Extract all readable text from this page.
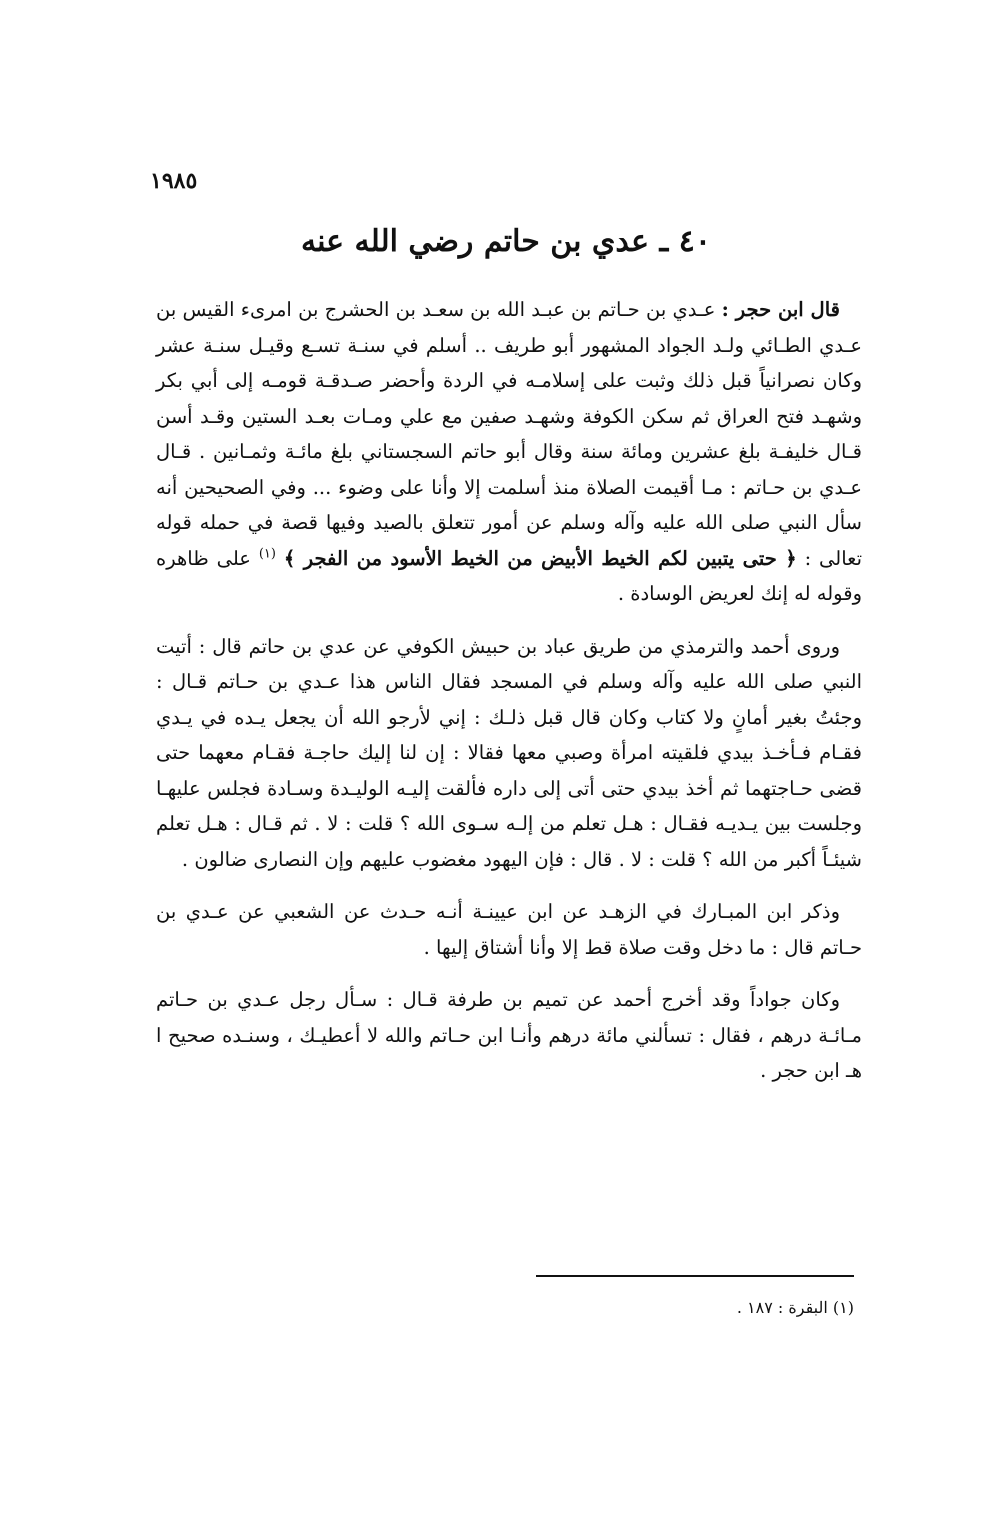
١٩٨٥
٤٠ ـ عدي بن حاتم رضي الله عنه

قال ابن حجر : عـدي بن حـاتم بن عبـد الله بن سعـد بن الحشرج بن امرىء القيس بن عـدي الطـائي ولـد الجواد المشهور أبو طريف .. أسلم في سنـة تسـع وقيـل سنـة عشر وكان نصرانياً قبل ذلك وثبت على إسلامـه في الردة وأحضر صـدقـة قومـه إلى أبي بكر وشهـد فتح العراق ثم سكن الكوفة وشهـد صفين مع علي ومـات بعـد الستين وقـد أسن قـال خليفـة بلغ عشرين ومائة سنة وقال أبو حاتم السجستاني بلغ مائـة وثمـانين . قـال عـدي بن حـاتم : مـا أقيمت الصلاة منذ أسلمت إلا وأنا على وضوء ... وفي الصحيحين أنه سأل النبي صلى الله عليه وآله وسلم عن أمور تتعلق بالصيد وفيها قصة في حمله قوله تعالى : ﴿ حتى يتبين لكم الخيط الأبيض من الخيط الأسود من الفجر ﴾ $^{(١)}$ على ظاهره وقوله له إنك لعريض الوسادة .

وروى أحمد والترمذي من طريق عباد بن حبيش الكوفي عن عدي بن حاتم قال : أتيت النبي صلى الله عليه وآله وسلم في المسجد فقال الناس هذا عـدي بن حـاتم قـال : وجئتُ بغير أمانٍ ولا كتاب وكان قال قبل ذلـك : إني لأرجو الله أن يجعل يـده في يـدي فقـام فـأخـذ بيدي فلقيته امرأة وصبي معها فقالا : إن لنا إليك حاجـة فقـام معهما حتى قضى حـاجتهما ثم أخذ بيدي حتى أتى إلى داره فألقت إليـه الوليـدة وسـادة فجلس عليهـا وجلست بين يـديـه فقـال : هـل تعلم من إلـه سـوى الله ؟ قلت : لا . ثم قـال : هـل تعلم شيئـاً أكبر من الله ؟ قلت : لا . قال : فإن اليهود مغضوب عليهم وإن النصارى ضالون .

وذكر ابن المبـارك في الزهـد عن ابن عيينـة أنـه حـدث عن الشعبي عن عـدي بن حـاتم قال : ما دخل وقت صلاة قط إلا وأنا أشتاق إليها .

وكان جواداً وقد أخرج أحمد عن تميم بن طرفة قـال : سـأل رجل عـدي بن حـاتم مـائـة درهم ، فقال : تسألني مائة درهم وأنـا ابن حـاتم والله لا أعطيـك ، وسنـده صحيح ا هـ ابن حجر .

(١) البقرة : ١٨٧ .
